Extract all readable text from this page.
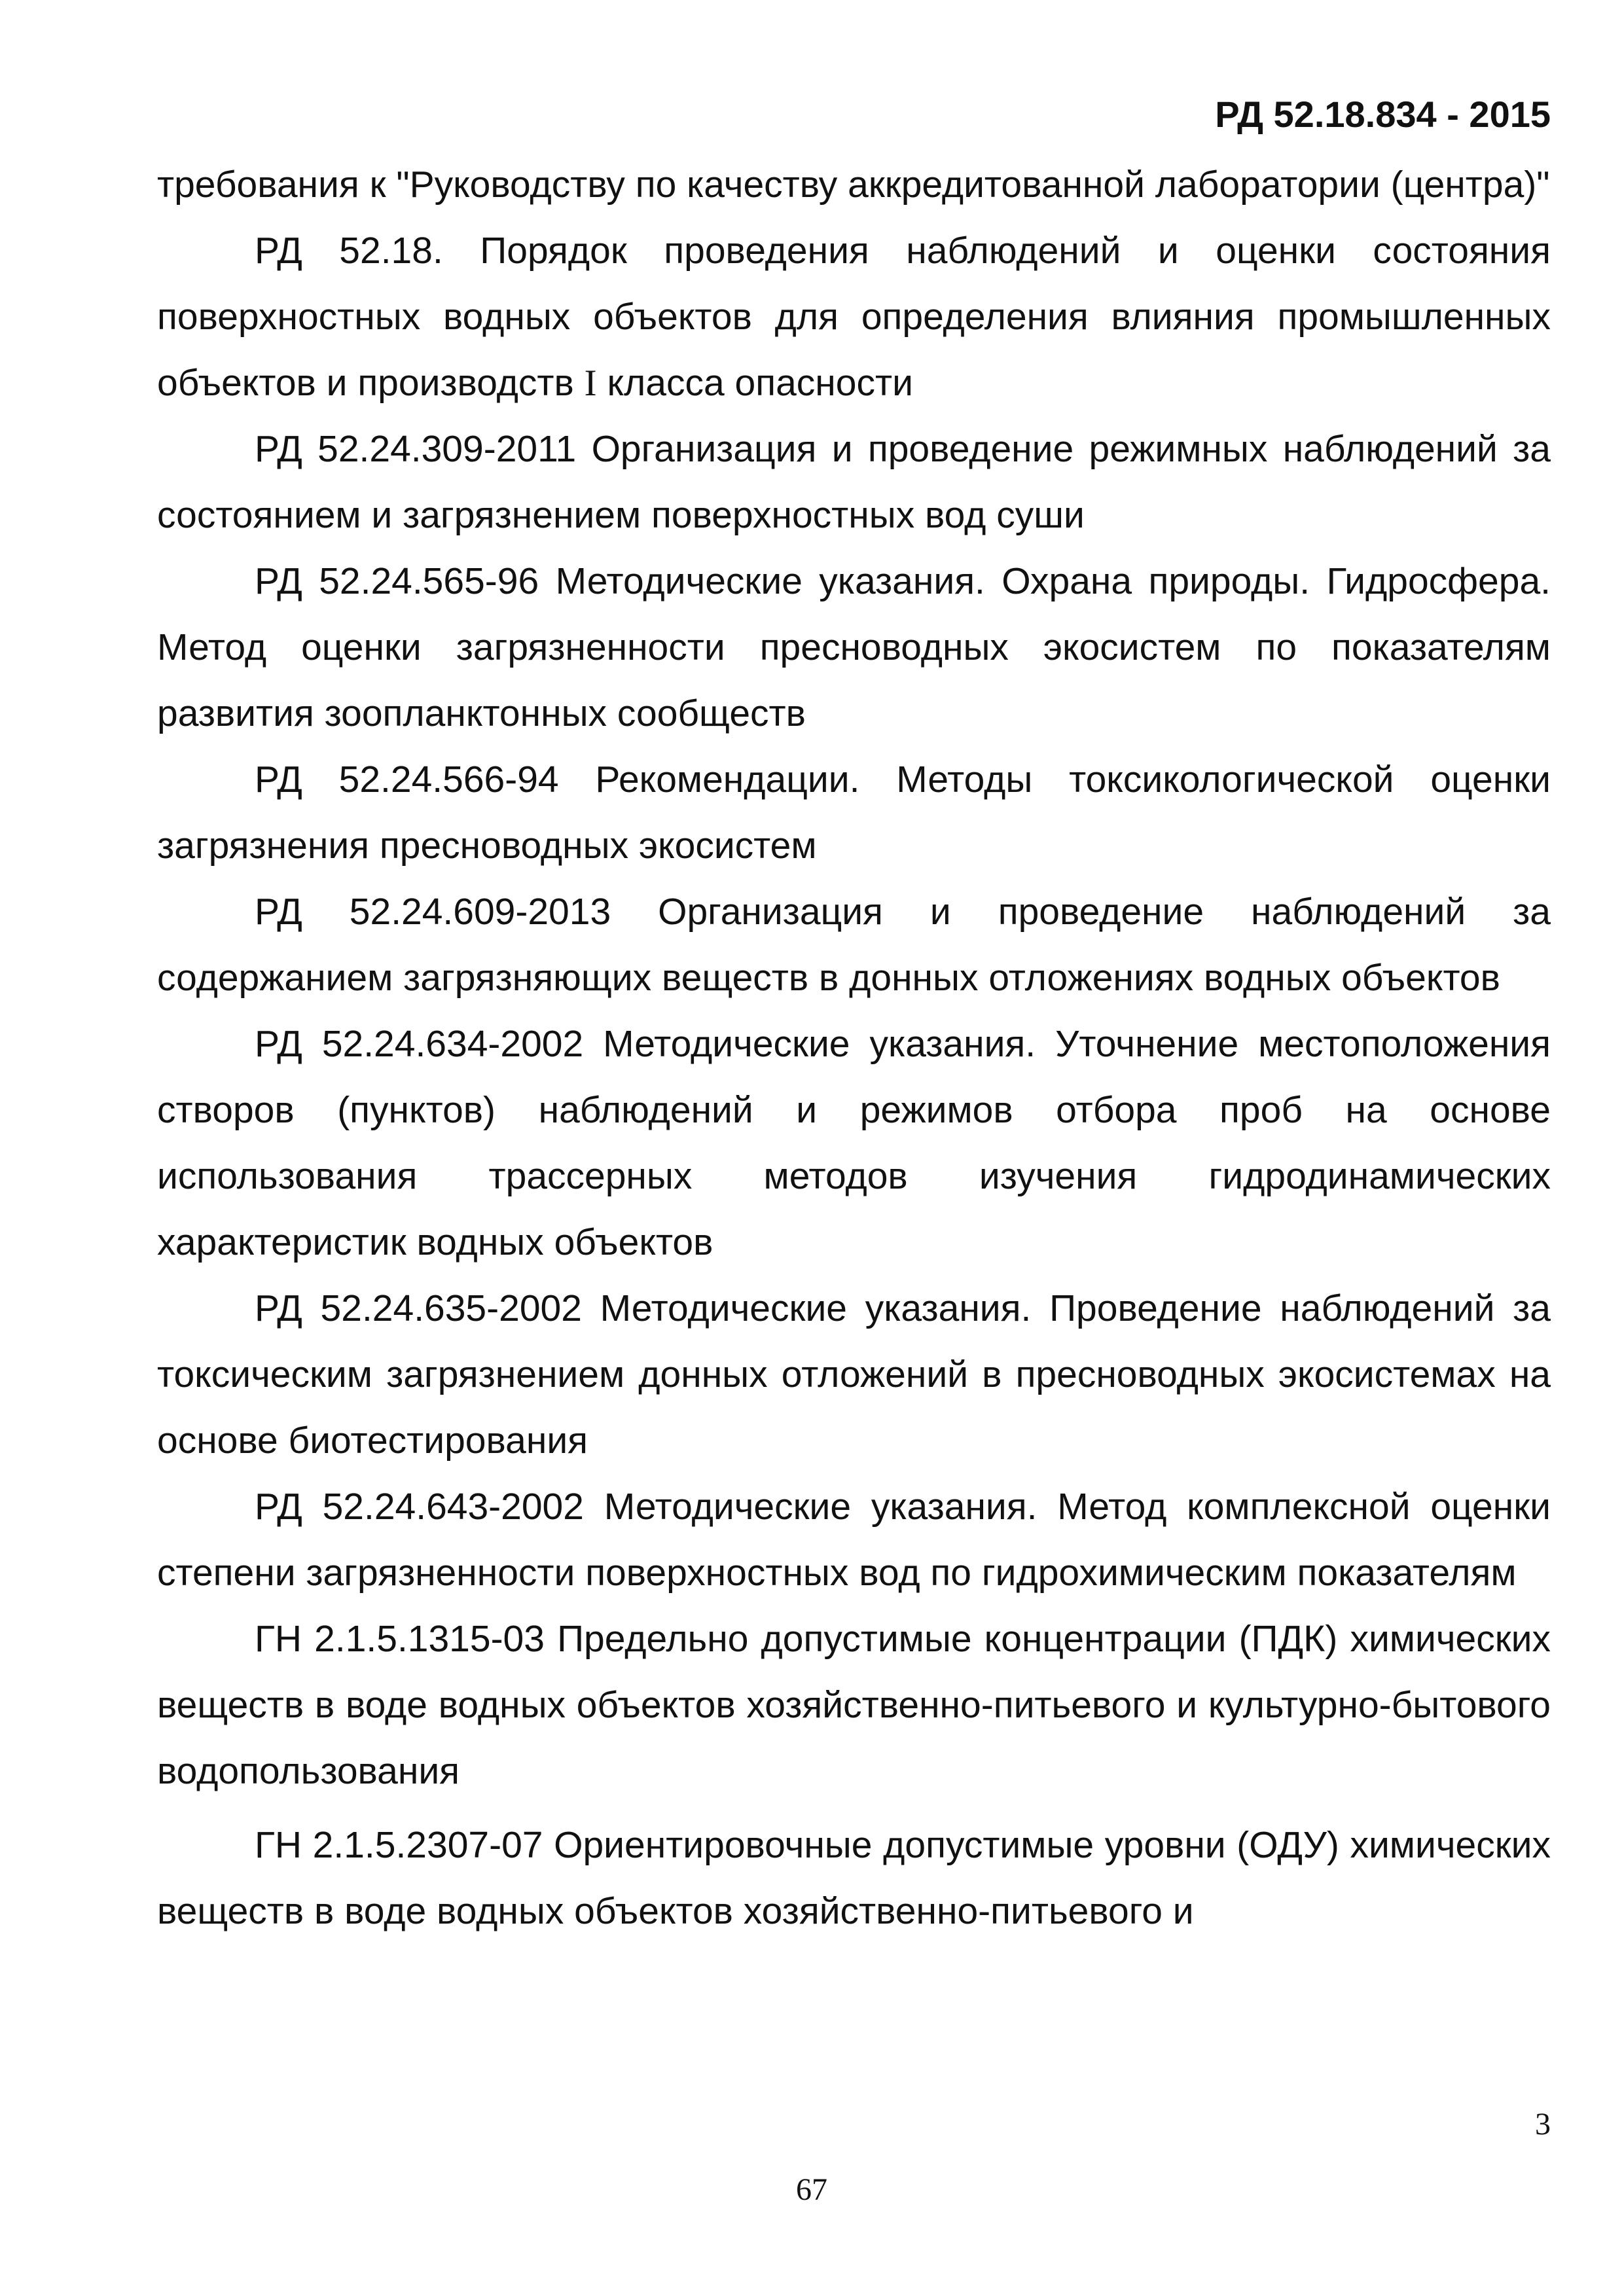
РД 52.18.834 - 2015

требования к "Руководству по качеству аккредитованной лаборатории (центра)"

РД 52.18. Порядок проведения наблюдений и оценки состояния поверхностных водных объектов для определения влияния промышленных объектов и производств I класса опасности

РД 52.24.309-2011 Организация и проведение режимных наблюдений за состоянием и загрязнением поверхностных вод суши

РД 52.24.565-96 Методические указания. Охрана природы. Гидросфера. Метод оценки загрязненности пресноводных экосистем по показателям развития зоопланктонных сообществ

РД 52.24.566-94 Рекомендации. Методы токсикологической оценки загрязнения пресноводных экосистем

РД 52.24.609-2013 Организация и проведение наблюдений за содержанием загрязняющих веществ в донных отложениях водных объектов

РД 52.24.634-2002 Методические указания. Уточнение местоположения створов (пунктов) наблюдений и режимов отбора проб на основе использования трассерных методов изучения гидродинамических характеристик водных объектов

РД 52.24.635-2002 Методические указания. Проведение наблюдений за токсическим загрязнением донных отложений в пресноводных экосистемах на основе биотестирования

РД 52.24.643-2002 Методические указания. Метод комплексной оценки степени загрязненности поверхностных вод по гидрохимическим показателям

ГН 2.1.5.1315-03 Предельно допустимые концентрации (ПДК) химических веществ в воде водных объектов хозяйственно-питьевого и культурно-бытового водопользования

ГН 2.1.5.2307-07 Ориентировочные допустимые уровни (ОДУ) химических веществ в воде водных объектов хозяйственно-питьевого и

3
67
